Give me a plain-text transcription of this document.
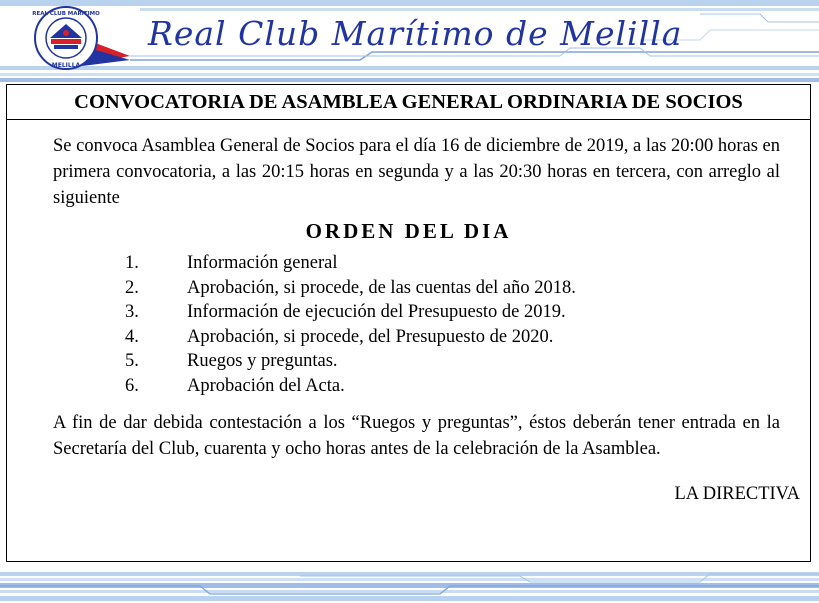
REAL CLUB MARITIMO
MELILLA
Real Club Marítimo de Melilla
CONVOCATORIA DE ASAMBLEA GENERAL ORDINARIA DE SOCIOS
Se convoca Asamblea General de Socios para el día 16 de diciembre de 2019, a las 20:00 horas en primera convocatoria, a las 20:15 horas en segunda y a las 20:30 horas en tercera, con arreglo al siguiente
ORDEN DEL DIA
1.	Información general
2.	Aprobación, si procede, de las cuentas del año 2018.
3.	Información de ejecución del Presupuesto de 2019.
4.	Aprobación, si procede, del Presupuesto de 2020.
5.	Ruegos y preguntas.
6.	Aprobación del Acta.
A fin de dar debida contestación a los “Ruegos y preguntas”, éstos deberán tener entrada en la Secretaría del Club, cuarenta y ocho horas antes de la celebración de la Asamblea.
LA DIRECTIVA
